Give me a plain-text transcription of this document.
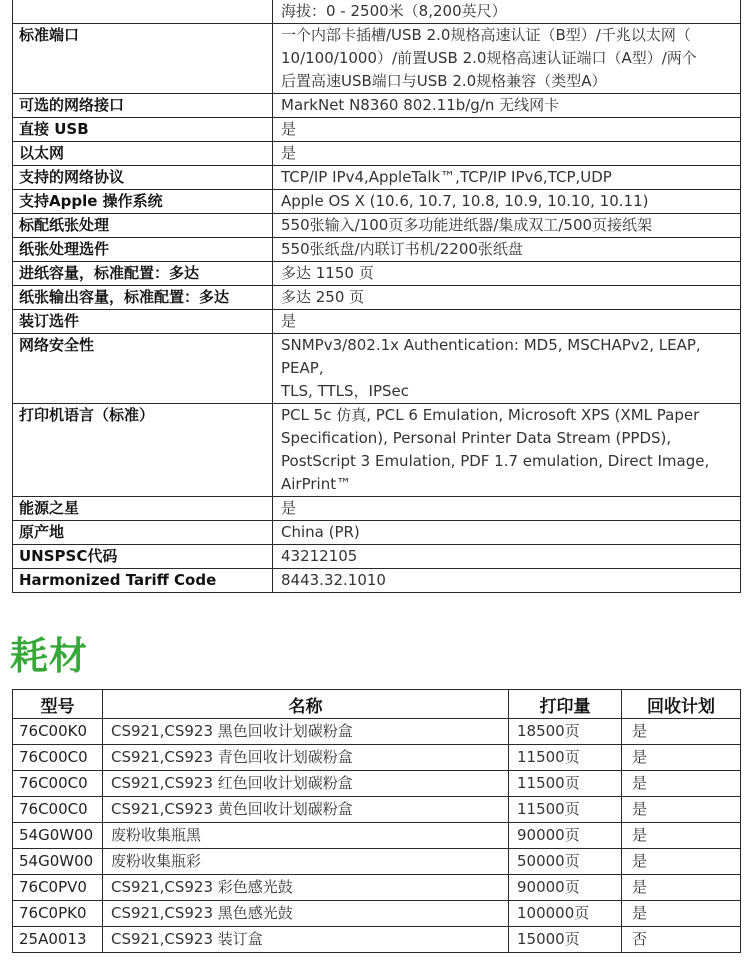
	海拔：0 - 2500米（8,200英尺）
标准端口	一个内部卡插槽/USB 2.0规格高速认证（B型）/千兆以太网（
10/100/1000）/前置USB 2.0规格高速认证端口（A型）/两个
后置高速USB端口与USB 2.0规格兼容（类型A）

可选的网络接口	MarkNet N8360 802.11b/g/n 无线网卡

直接 USB	是

以太网	是

支持的网络协议	TCP/IP IPv4,AppleTalk™,TCP/IP IPv6,TCP,UDP

支持Apple 操作系统	Apple OS X (10.6, 10.7, 10.8, 10.9, 10.10, 10.11)

标配纸张处理	550张输入/100页多功能进纸器/集成双工/500页接纸架

纸张处理选件	550张纸盘/内联订书机/2200张纸盘

进纸容量，标准配置：多达	多达 1150 页

纸张输出容量，标准配置：多达	多达 250 页

装订选件	是

网络安全性	SNMPv3/802.1x Authentication: MD5, MSCHAPv2, LEAP, PEAP,
TLS, TTLS，IPSec

打印机语言（标准）	PCL 5c 仿真, PCL 6 Emulation, Microsoft XPS (XML Paper
Specification), Personal Printer Data Stream (PPDS),
PostScript 3 Emulation, PDF 1.7 emulation, Direct Image,
AirPrint™

能源之星	是

原产地	China (PR)

UNSPSC代码	43212105

Harmonized Tariff Code	8443.32.1010
耗材
型号	名称	打印量	回收计划
76C00K0	CS921,CS923 黑色回收计划碳粉盒	18500页	是
76C00C0	CS921,CS923 青色回收计划碳粉盒	11500页	是
76C00C0	CS921,CS923 红色回收计划碳粉盒	11500页	是
76C00C0	CS921,CS923 黄色回收计划碳粉盒	11500页	是
54G0W00	废粉收集瓶黑	90000页	是
54G0W00	废粉收集瓶彩	50000页	是
76C0PV0	CS921,CS923 彩色感光鼓	90000页	是
76C0PK0	CS921,CS923 黑色感光鼓	100000页	是
25A0013	CS921,CS923 装订盒	15000页	否
